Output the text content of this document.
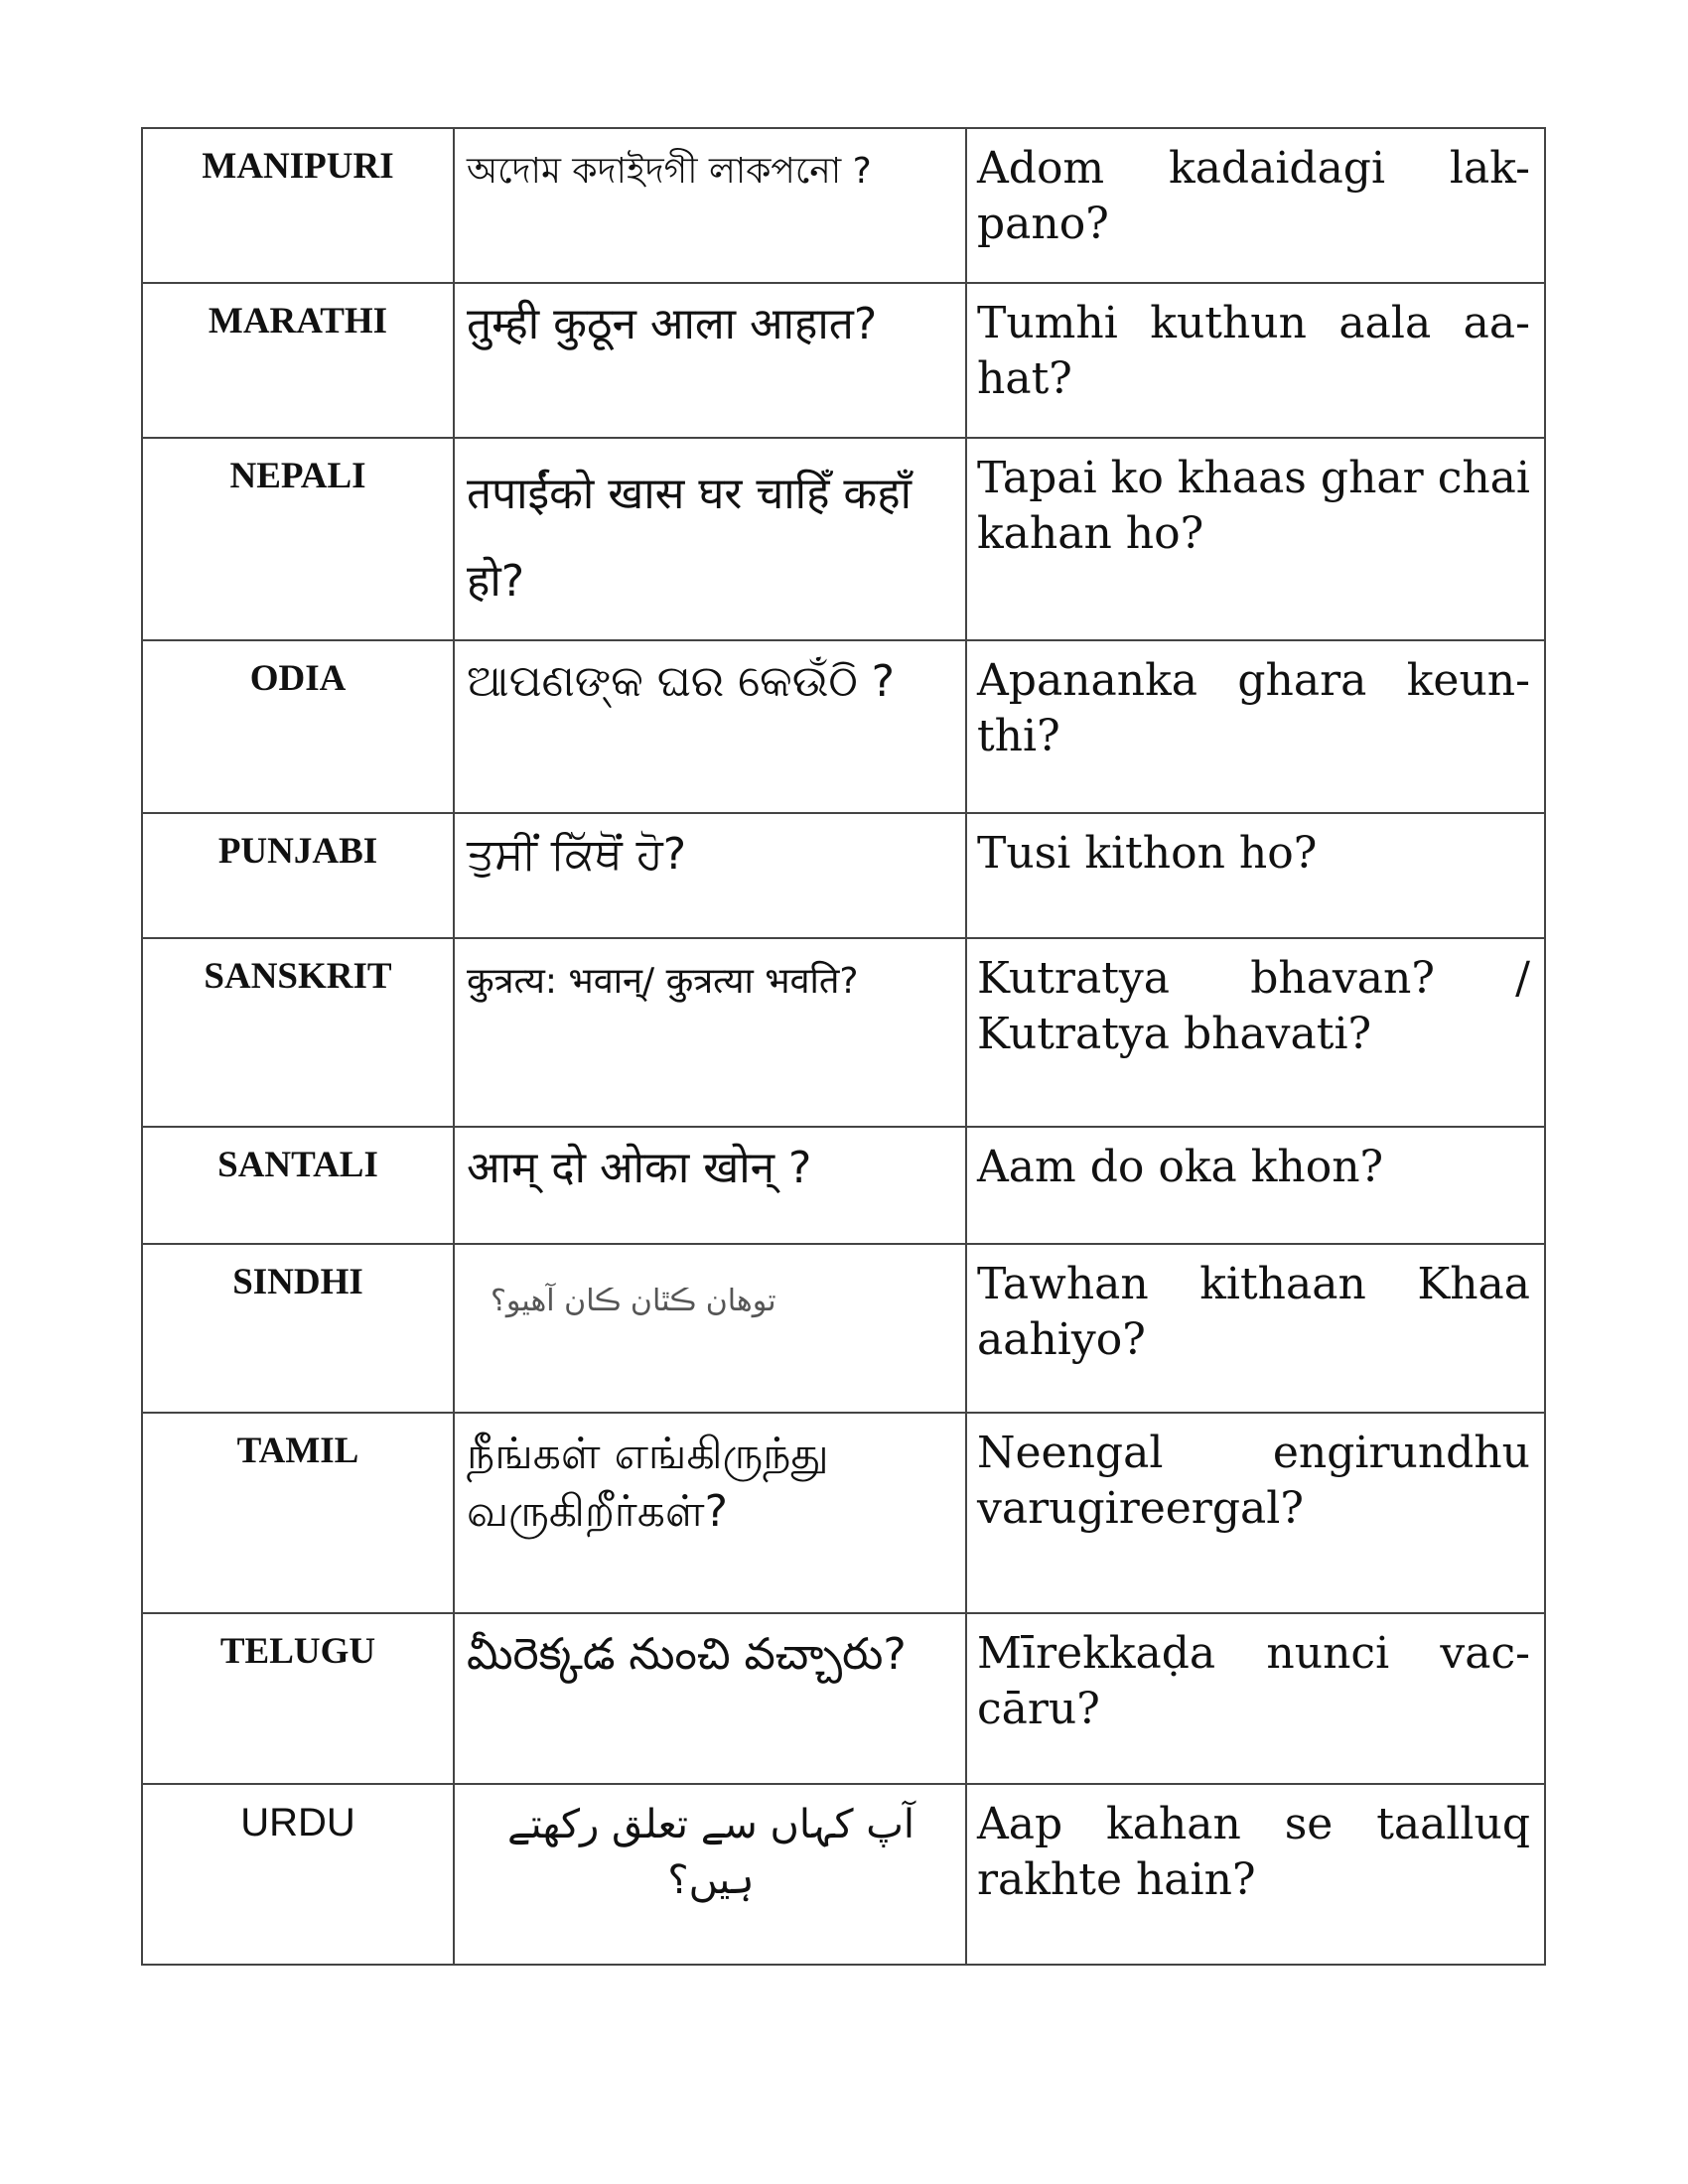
MANIPURI	অদোম কদাইদগী লাকপনো ?	Adom kadaidagi lak-pano?
MARATHI	तुम्ही कुठून आला आहात?	Tumhi kuthun aala aa-hat?
NEPALI	तपाईंको खास घर चाहिँ कहाँ हो?	Tapai ko khaas ghar chai kahan ho?
ODIA	ଆପଣଙ୍କ ଘର କେଉଁଠି ?	Apananka ghara keun-thi?
PUNJABI	ਤੁਸੀਂ ਕਿੱਥੋਂ ਹੋ?	Tusi kithon ho?
SANSKRIT	कुत्रत्य: भवान्/ कुत्रत्या भवति?	Kutratya bhavan? / Kutratya bhavati?
SANTALI	आम् दो ओका खोन् ?	Aam do oka khon?
SINDHI	توهان ڪٿان ڪان آهيو؟	Tawhan kithaan Khaa aahiyo?
TAMIL	நீங்கள் எங்கிருந்து வருகிறீர்கள்?	Neengal engirundhu varugireergal?
TELUGU	మీరెక్కడ నుంచి వచ్చారు?	Mīrekkaḍa nunci vac-cāru?
URDU	آپ کہاں سے تعلق رکھتے ہیں؟	Aap kahan se taalluq rakhte hain?
